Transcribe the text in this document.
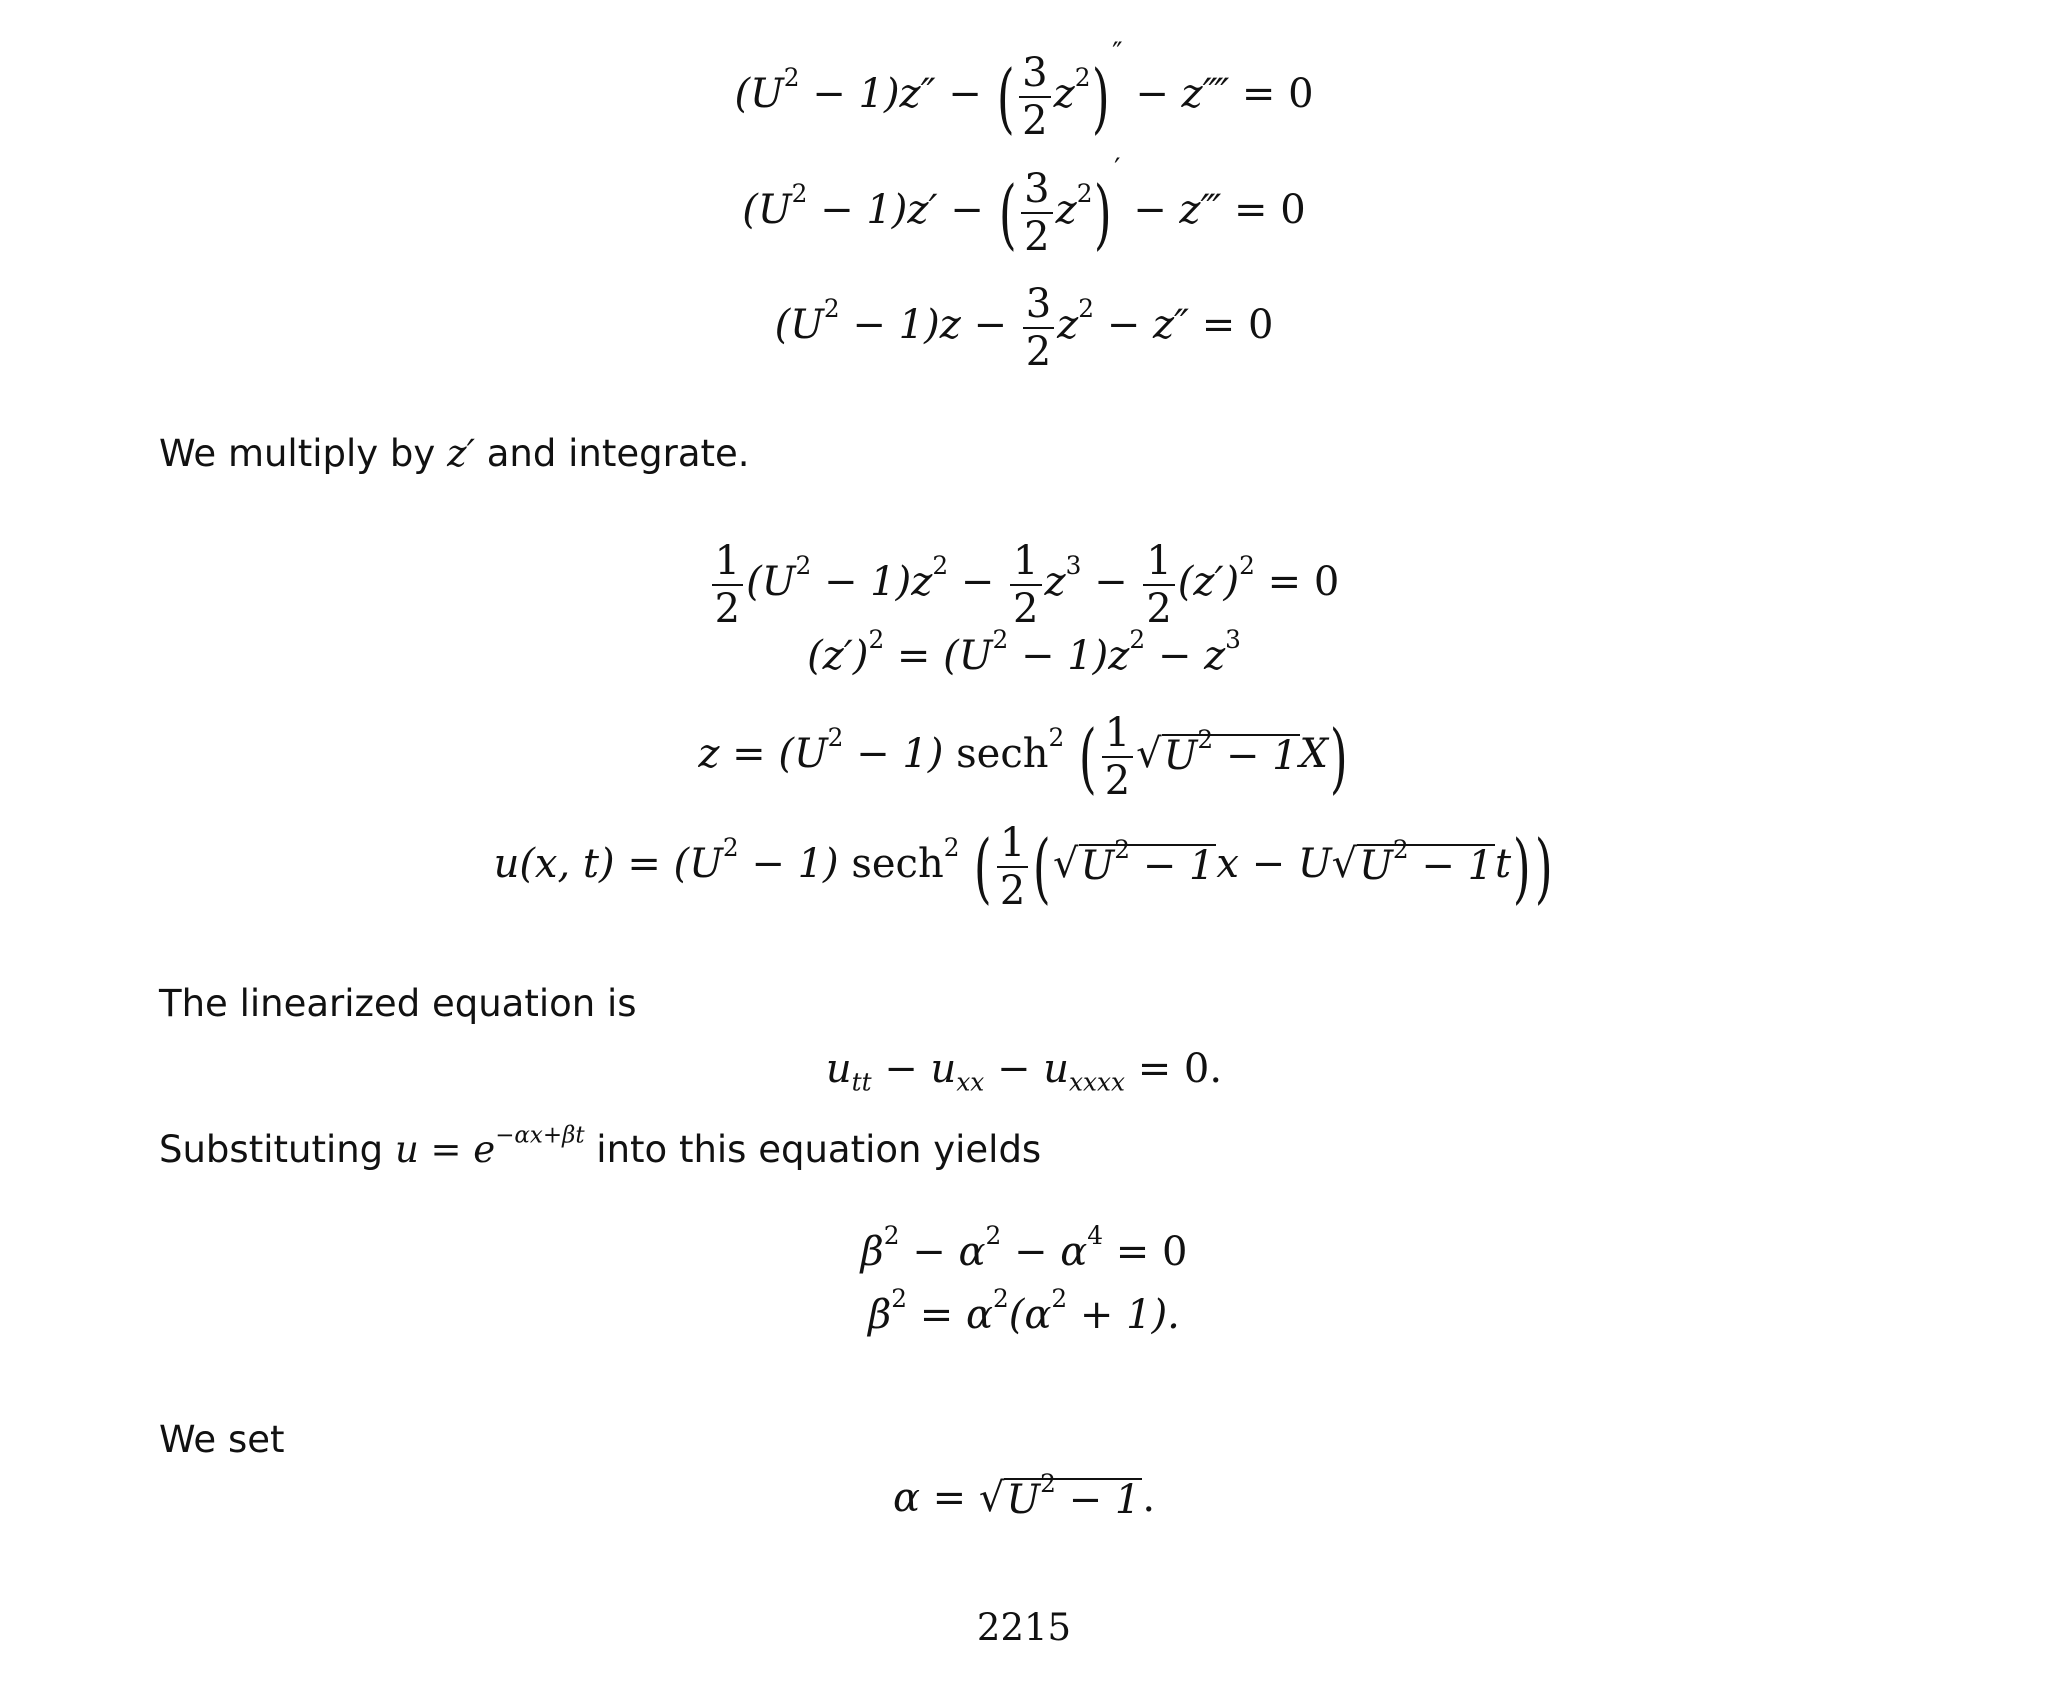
$(U^2 - 1)z''$ − ( $\frac{3}{2} z^2)''$ − z⁗ = 0
$(U^2 - 1)z'$ − ( $\frac{3}{2} z^2)'$ − z‴ = 0
$(U^2 - 1)z - \frac{3}{2} z^2 - z'' = 0$
We multiply by z′ and integrate.
$\frac{1}{2} (U^2 - 1)z^2 - \frac{1}{2} z^3 - \frac{1}{2} (z')^2 = 0$
$(z')^2 = (U^2 - 1)z^2 - z^3$
$z = (U^2 - 1)$ sech$^2$ ( $\frac{1}{2}$ √ $U^2 - 1$ X)
u(x, $t) = (U^2 - 1)$ sech$^2$ ( $\frac{1}{2}$ ( √ $U^2 - 1$ x − U √ $U^2 - 1$ t))
The linearized equation is
$u_{tt} - u_{xx} - u_{xxxx} = 0$.
Substituting $u = e^{-\alpha x+\beta t}$ into this equation yields
$\beta^2 - \alpha^2 - \alpha^4 = 0$
$\beta^2 = \alpha^2(\alpha^2 + 1)$.
We set
α = √ $U^2 - 1$ .
2215
